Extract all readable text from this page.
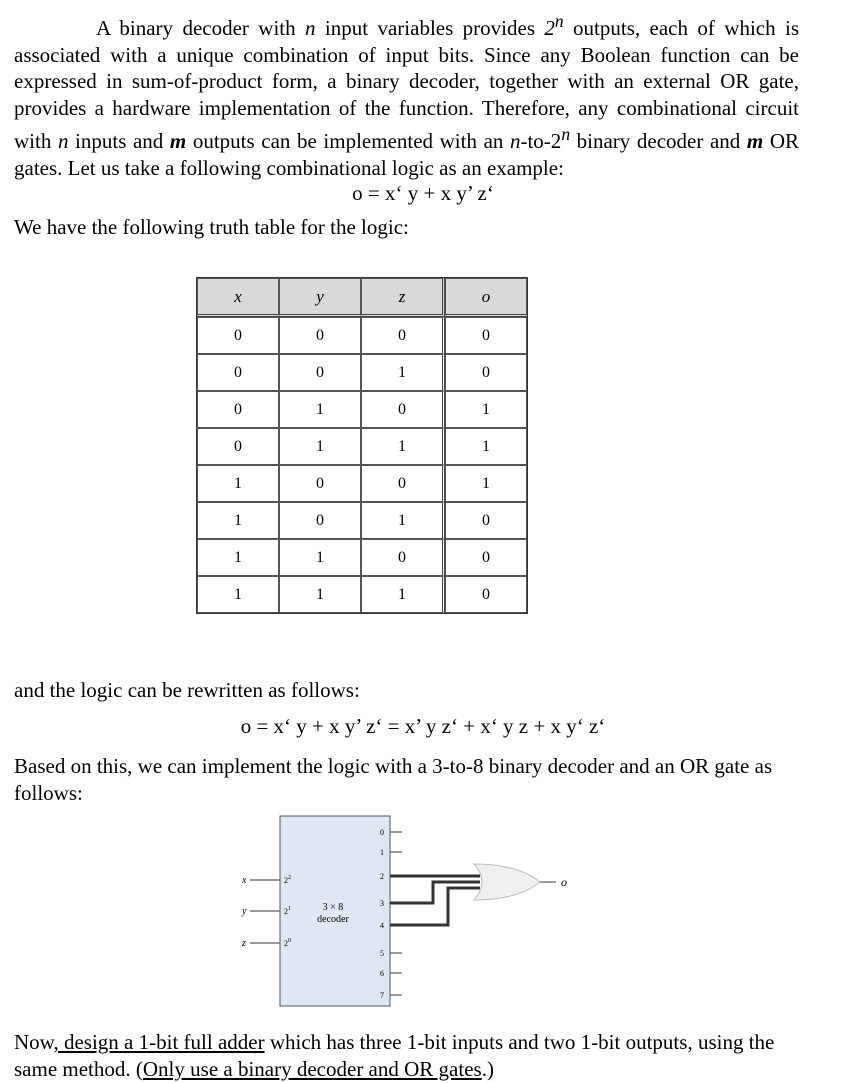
A binary decoder with n input variables provides 2$^n$ outputs, each of which is associated with a unique combination of input bits. Since any Boolean function can be expressed in sum-of-product form, a binary decoder, together with an external OR gate, provides a hardware implementation of the function. Therefore, any combinational circuit with n inputs and m outputs can be implemented with an n-to-2$^n$ binary decoder and m OR gates. Let us take a following combinational logic as an example:
o = x‘ y + x y’ z‘
We have the following truth table for the logic:
x	y	z	o
0	0	0	0
0	0	1	0
0	1	0	1
0	1	1	1
1	0	0	1
1	0	1	0
1	1	0	0
1	1	1	0
and the logic can be rewritten as follows:
o = x‘ y + x y’ z‘ = x’ y z‘ + x‘ y z + x y‘ z‘
Based on this, we can implement the logic with a 3-to-8 binary decoder and an OR gate as follows:
x
y
z
$2^2$
$2^1$
$2^0$
3 × 8
decoder
0
1
2
3
4
5
6
7
o
Now, design a 1-bit full adder which has three 1-bit inputs and two 1-bit outputs, using the same method. (Only use a binary decoder and OR gates.)
